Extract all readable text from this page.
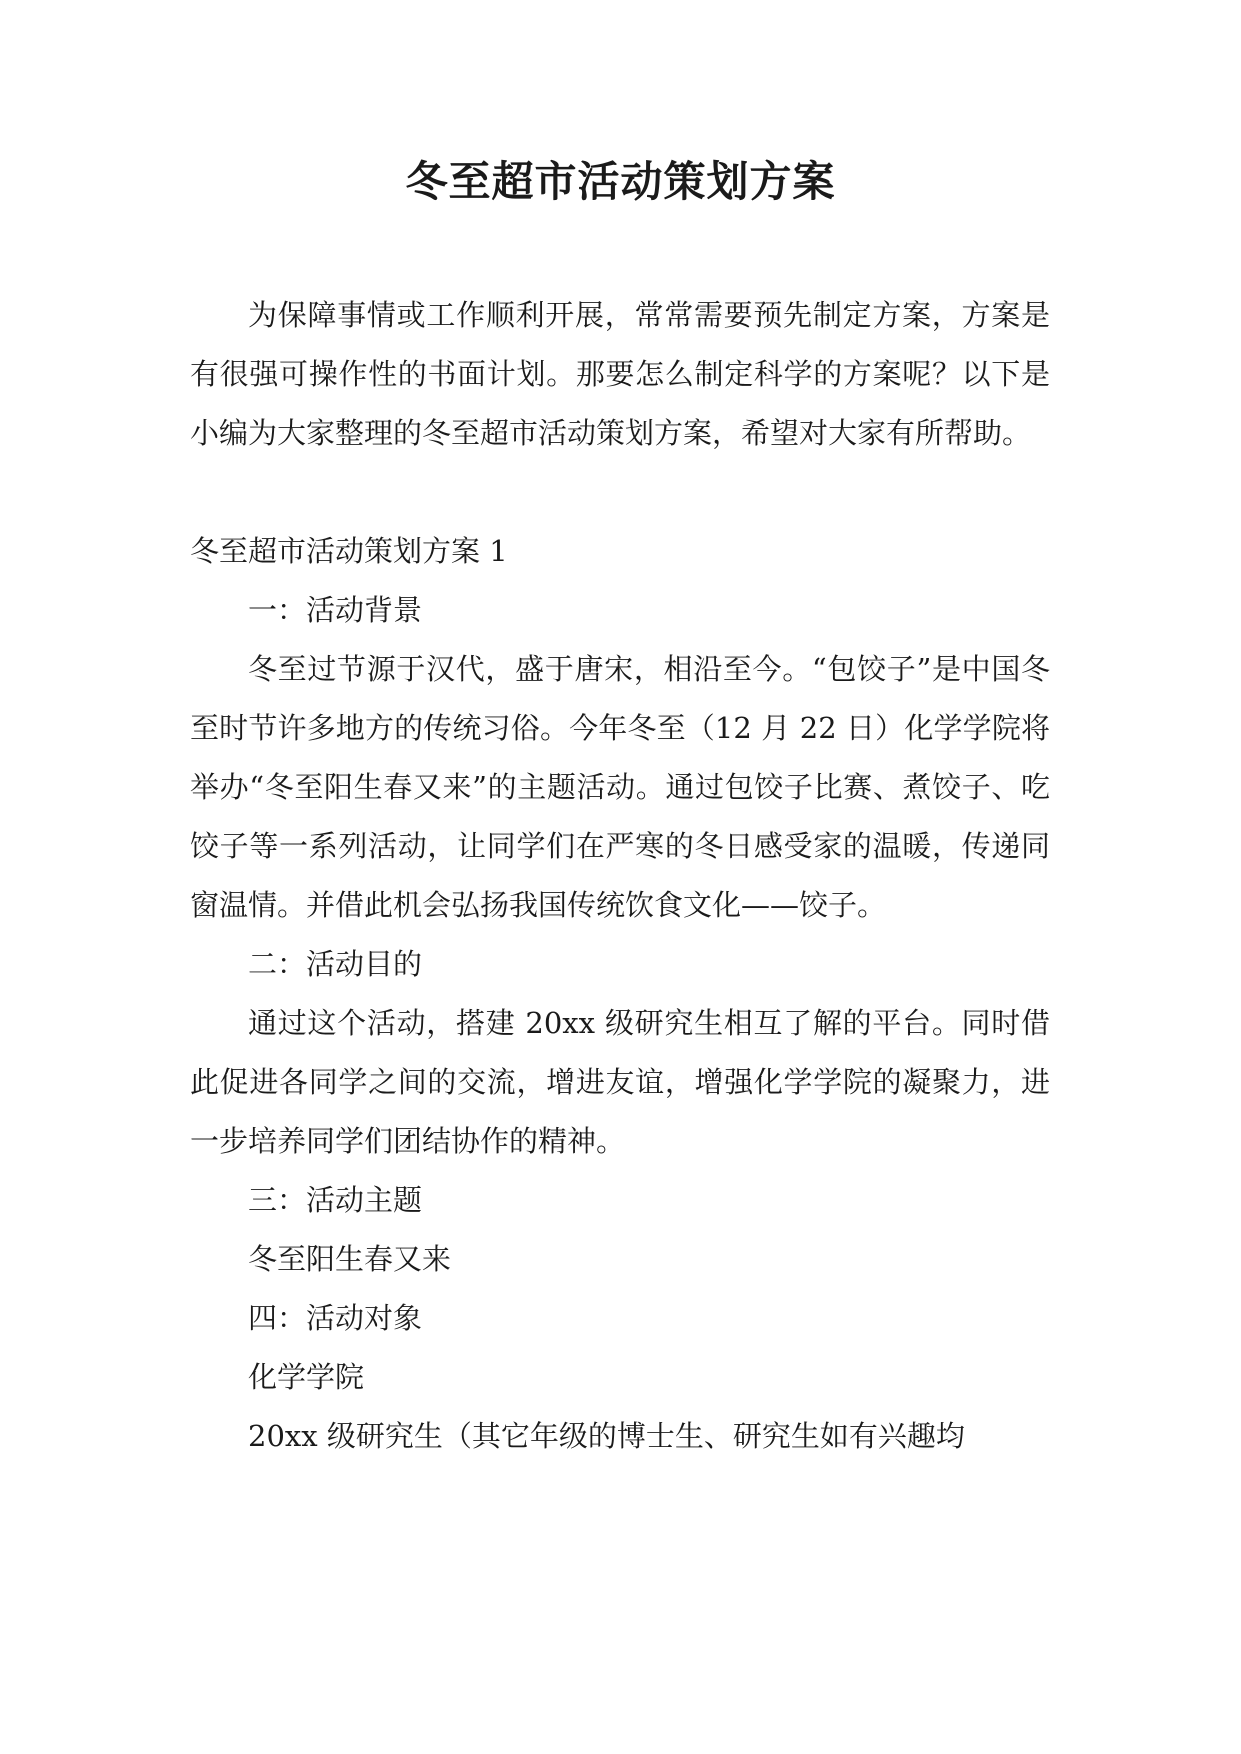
冬至超市活动策划方案

为保障事情或工作顺利开展，常常需要预先制定方案，方案是有很强可操作性的书面计划。那要怎么制定科学的方案呢？以下是小编为大家整理的冬至超市活动策划方案，希望对大家有所帮助。

冬至超市活动策划方案 1

一：活动背景

冬至过节源于汉代，盛于唐宋，相沿至今。“包饺子”是中国冬至时节许多地方的传统习俗。今年冬至（12 月 22 日）化学学院将举办“冬至阳生春又来”的主题活动。通过包饺子比赛、煮饺子、吃饺子等一系列活动，让同学们在严寒的冬日感受家的温暖，传递同窗温情。并借此机会弘扬我国传统饮食文化——饺子。

二：活动目的

通过这个活动，搭建 20xx 级研究生相互了解的平台。同时借此促进各同学之间的交流，增进友谊，增强化学学院的凝聚力，进一步培养同学们团结协作的精神。

三：活动主题

冬至阳生春又来

四：活动对象

化学学院

20xx 级研究生（其它年级的博士生、研究生如有兴趣均
